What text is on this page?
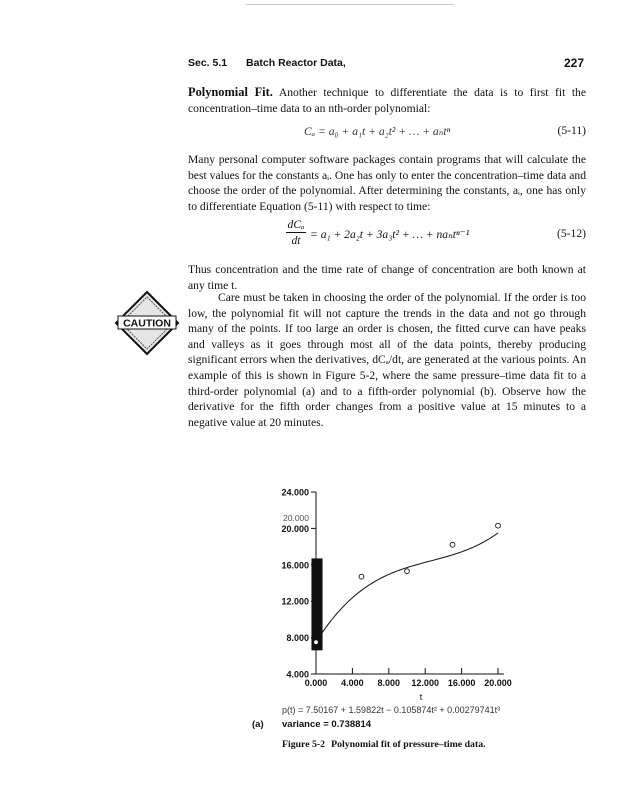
Sec. 5.1 Batch Reactor Data,	227
Polynomial Fit. Another technique to differentiate the data is to first fit the concentration–time data to an nth-order polynomial:
Cₐ = a₀ + a₁t + a₂t² + … + aₙtⁿ	(5-11)
Many personal computer software packages contain programs that will calculate the best values for the constants aᵢ. One has only to enter the concentration–time data and choose the order of the polynomial. After determining the constants, aᵢ, one has only to differentiate Equation (5-11) with respect to time:
dCₐ
dt = a₁ + 2a₂t + 3a₃t² + … + naₙtⁿ⁻¹	(5-12)
Thus concentration and the time rate of change of concentration are both known at any time t.
Care must be taken in choosing the order of the polynomial. If the order is too low, the polynomial fit will not capture the trends in the data and not go through many of the points. If too large an order is chosen, the fitted curve can have peaks and valleys as it goes through most all of the data points, thereby producing significant errors when the derivatives, dCₐ/dt, are generated at the various points. An example of this is shown in Figure 5-2, where the same pressure–time data fit to a third-order polynomial (a) and to a fifth-order polynomial (b). Observe how the derivative for the fifth order changes from a positive value at 15 minutes to a negative value at 20 minutes.
CAUTION
4.000
8.000
12.000
16.000
20.000
24.000
20.000
0.000 4.000 8.000 12.000 16.000 20.000
t
p(t) = 7.50167 + 1.59822t − 0.105874t² + 0.00279741t³
(a) variance = 0.738814
Figure 5-2 Polynomial fit of pressure–time data.
